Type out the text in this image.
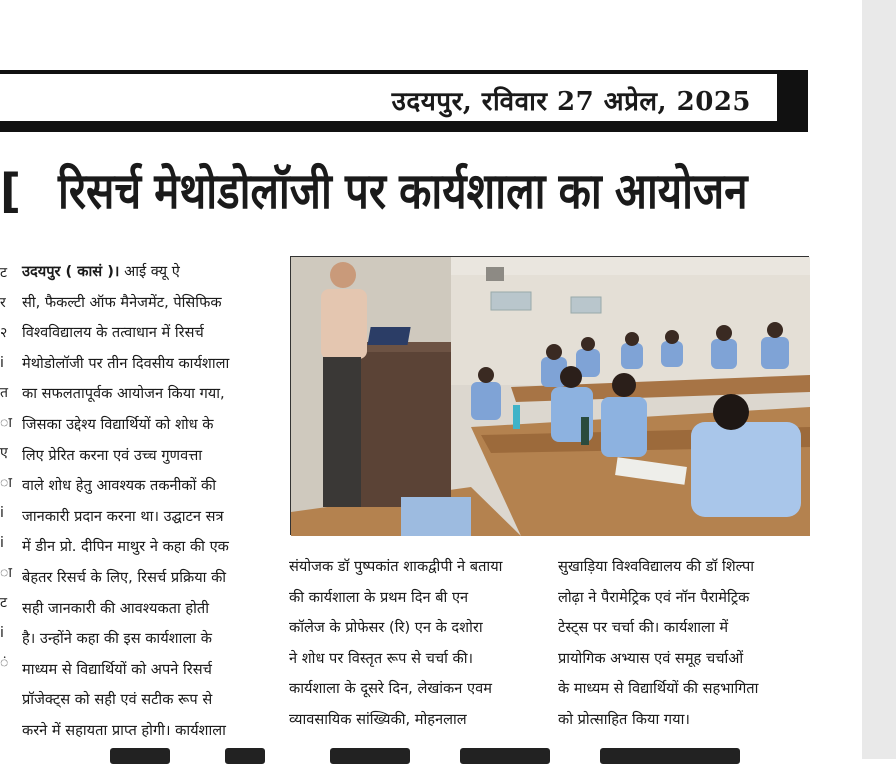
उदयपुर, रविवार 27 अप्रेल, 2025
[ रिसर्च मेथोडोलॉजी पर कार्यशाला का आयोजन
ट
र
२
i
त
ा
ए
ा
i
i
ा
ट
i
ं
उदयपुर ( कासं )। आई क्यू ऐ
सी, फैकल्टी ऑफ मैनेजमेंट, पेसिफिक
विश्वविद्यालय के तत्वाधान में रिसर्च
मेथोडोलॉजी पर तीन दिवसीय कार्यशाला
का सफलतापूर्वक आयोजन किया गया,
जिसका उद्देश्य विद्यार्थियों को शोध के
लिए प्रेरित करना एवं उच्च गुणवत्ता
वाले शोध हेतु आवश्यक तकनीकों की
जानकारी प्रदान करना था। उद्घाटन सत्र
में डीन प्रो. दीपिन माथुर ने कहा की एक
बेहतर रिसर्च के लिए, रिसर्च प्रक्रिया की
सही जानकारी की आवश्यकता होती
है। उन्होंने कहा की इस कार्यशाला के
माध्यम से विद्यार्थियों को अपने रिसर्च
प्रॉजेक्ट्स को सही एवं सटीक रूप से
करने में सहायता प्राप्त होगी। कार्यशाला
संयोजक डॉ पुष्पकांत शाकद्वीपी ने बताया
की कार्यशाला के प्रथम दिन बी एन
कॉलेज के प्रोफेसर (रि) एन के दशोरा
ने शोध पर विस्तृत रूप से चर्चा की।
कार्यशाला के दूसरे दिन, लेखांकन एवम
व्यावसायिक सांख्यिकी, मोहनलाल
सुखाड़िया विश्वविद्यालय की डॉ शिल्पा
लोढ़ा ने पैरामेट्रिक एवं नॉन पैरामेट्रिक
टेस्ट्स पर चर्चा की। कार्यशाला में
प्रायोगिक अभ्यास एवं समूह चर्चाओं
के माध्यम से विद्यार्थियों की सहभागिता
को प्रोत्साहित किया गया।
